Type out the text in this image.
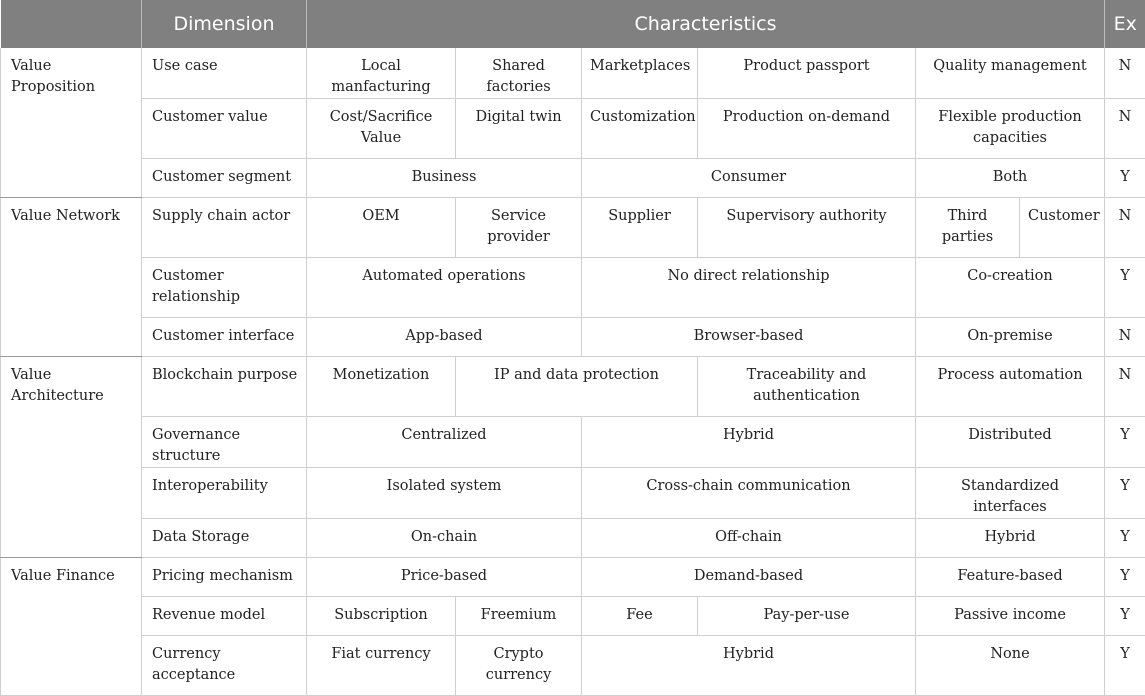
	Dimension	Characteristics						Ex
Value Proposition	Use case	Local manfacturing	Shared factories	Marketplaces	Product passport	Quality management		N
	Customer value	Cost/Sacrifice Value	Digital twin	Customization	Production on-demand	Flexible production capacities		N
	Customer segment	Business		Consumer		Both		Y
Value Network	Supply chain actor	OEM	Service provider	Supplier	Supervisory authority	Third parties	Customer	N
	Customer relationship	Automated operations		No direct relationship		Co-creation		Y
	Customer interface	App-based		Browser-based		On-premise		N
Value Architecture	Blockchain purpose	Monetization	IP and data protection		Traceability and authentication	Process automation		N
	Governance structure	Centralized		Hybrid		Distributed		Y
	Interoperability	Isolated system		Cross-chain communication		Standardized interfaces		Y
	Data Storage	On-chain		Off-chain		Hybrid		Y
Value Finance	Pricing mechanism	Price-based		Demand-based		Feature-based		Y
	Revenue model	Subscription	Freemium	Fee	Pay-per-use	Passive income		Y
	Currency acceptance	Fiat currency	Crypto currency	Hybrid		None		Y
